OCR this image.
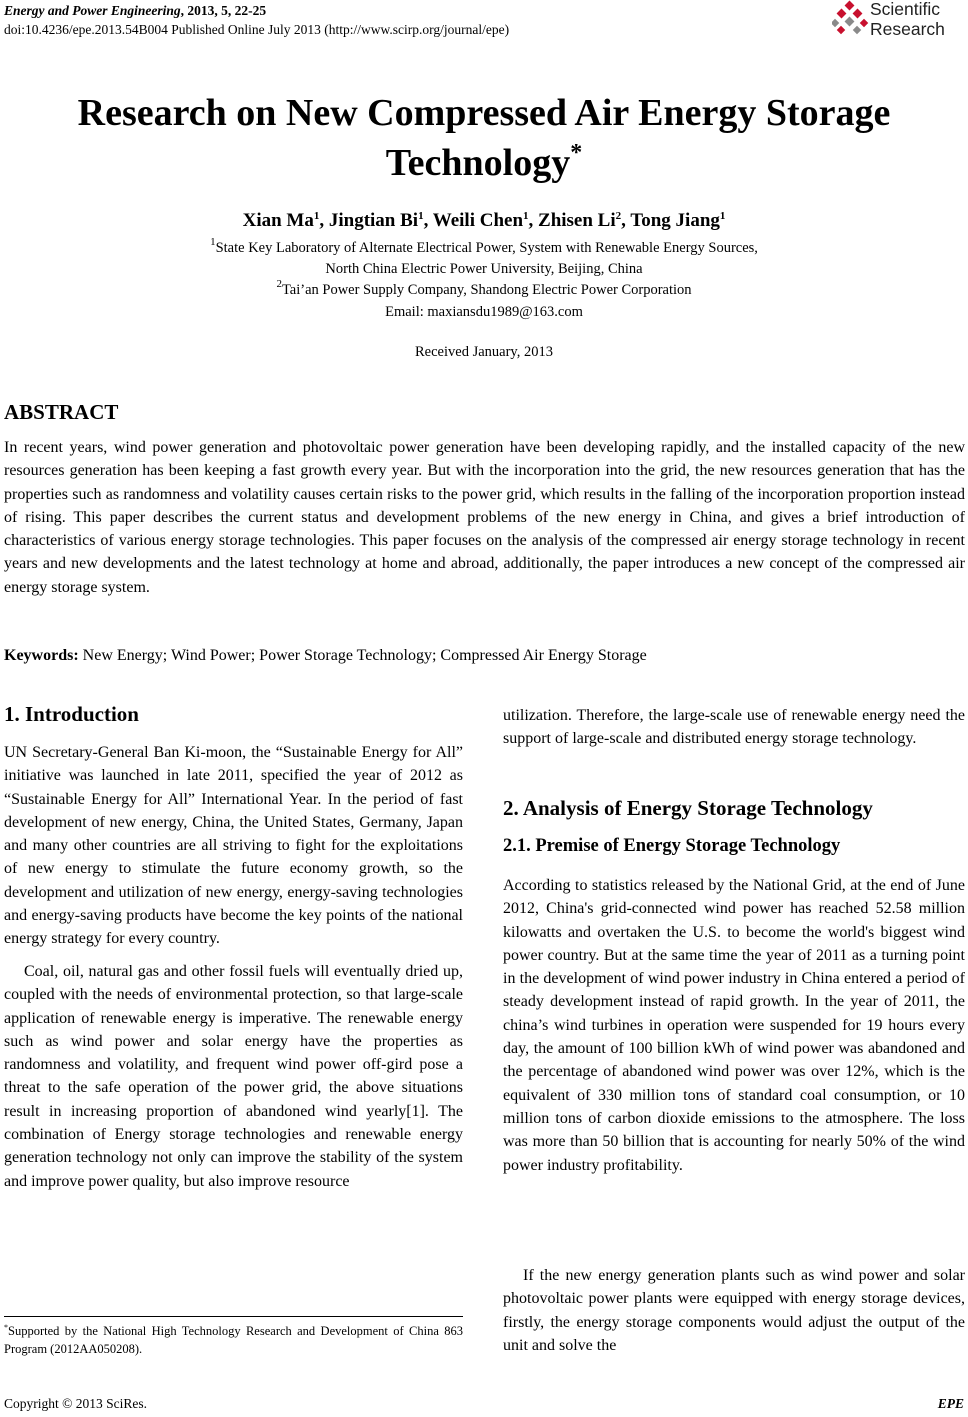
Energy and Power Engineering, 2013, 5, 22-25
doi:10.4236/epe.2013.54B004 Published Online July 2013 (http://www.scirp.org/journal/epe)
Scientific
Research
Research on New Compressed Air Energy Storage
Technology*
Xian Ma$^1$, Jingtian Bi$^1$, Weili Chen$^1$, Zhisen Li$^2$, Tong Jiang$^1$
$^1$State Key Laboratory of Alternate Electrical Power, System with Renewable Energy Sources,
North China Electric Power University, Beijing, China
$^2$Tai’an Power Supply Company, Shandong Electric Power Corporation
Email: maxiansdu1989@163.com
Received January, 2013
ABSTRACT

In recent years, wind power generation and photovoltaic power generation have been developing rapidly, and the installed capacity of the new resources generation has been keeping a fast growth every year. But with the incorporation into the grid, the new resources generation that has the properties such as randomness and volatility causes certain risks to the power grid, which results in the falling of the incorporation proportion instead of rising. This paper describes the current status and development problems of the new energy in China, and gives a brief introduction of characteristics of various energy storage technologies. This paper focuses on the analysis of the compressed air energy storage technology in recent years and new developments and the latest technology at home and abroad, additionally, the paper introduces a new concept of the compressed air energy storage system.

Keywords: New Energy; Wind Power; Power Storage Technology; Compressed Air Energy Storage
1. Introduction

UN Secretary-General Ban Ki-moon, the “Sustainable Energy for All” initiative was launched in late 2011, specified the year of 2012 as “Sustainable Energy for All” International Year. In the period of fast development of new energy, China, the United States, Germany, Japan and many other countries are all striving to fight for the exploitations of new energy to stimulate the future economy growth, so the development and utilization of new energy, energy-saving technologies and energy-saving products have become the key points of the national energy strategy for every country.

Coal, oil, natural gas and other fossil fuels will eventually dried up, coupled with the needs of environmental protection, so that large-scale application of renewable energy is imperative. The renewable energy such as wind power and solar energy have the properties as randomness and volatility, and frequent wind power off-gird pose a threat to the safe operation of the power grid, the above situations result in increasing proportion of abandoned wind yearly[1]. The combination of Energy storage technologies and renewable energy generation technology not only can improve the stability of the system and improve power quality, but also improve resource

*Supported by the National High Technology Research and Development of China 863 Program (2012AA050208).

utilization. Therefore, the large-scale use of renewable energy need the support of large-scale and distributed energy storage technology.

2. Analysis of Energy Storage Technology
2.1. Premise of Energy Storage Technology

According to statistics released by the National Grid, at the end of June 2012, China's grid-connected wind power has reached 52.58 million kilowatts and overtaken the U.S. to become the world's biggest wind power country. But at the same time the year of 2011 as a turning point in the development of wind power industry in China entered a period of steady development instead of rapid growth. In the year of 2011, the china’s wind turbines in operation were suspended for 19 hours every day, the amount of 100 billion kWh of wind power was abandoned and the percentage of abandoned wind power was over 12%, which is the equivalent of 330 million tons of standard coal consumption, or 10 million tons of carbon dioxide emissions to the atmosphere. The loss was more than 50 billion that is accounting for nearly 50% of the wind power industry profitability.

If the new energy generation plants such as wind power and solar photovoltaic power plants were equipped with energy storage devices, firstly, the energy storage components would adjust the output of the unit and solve the

Copyright © 2013 SciRes.	EPE
